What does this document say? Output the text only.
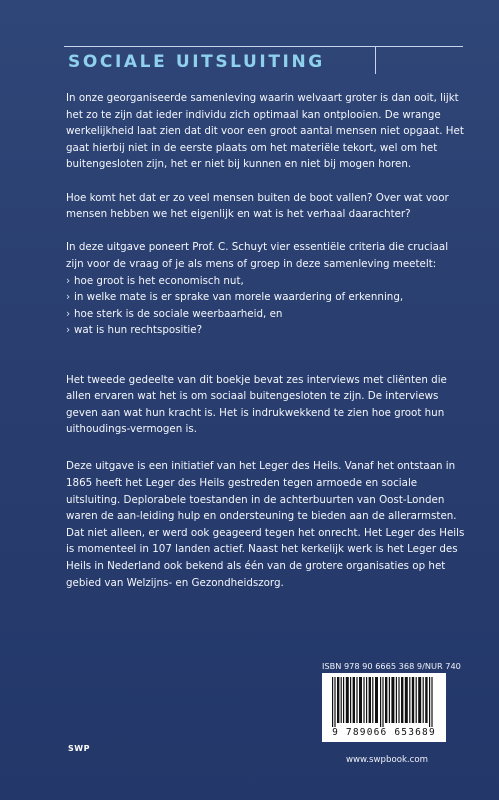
SOCIALE UITSLUITING

In onze georganiseerde samenleving waarin welvaart groter is dan ooit, lijkt het zo te zijn dat ieder individu zich optimaal kan ontplooien. De wrange werkelijkheid laat zien dat dit voor een groot aantal mensen niet opgaat. Het gaat hierbij niet in de eerste plaats om het materiële tekort, wel om het buitengesloten zijn, het er niet bij kunnen en niet bij mogen horen.

Hoe komt het dat er zo veel mensen buiten de boot vallen? Over wat voor mensen hebben we het eigenlijk en wat is het verhaal daarachter?

In deze uitgave poneert Prof. C. Schuyt vier essentiële criteria die cruciaal zijn voor de vraag of je als mens of groep in deze samenleving meetelt:
› hoe groot is het economisch nut,
› in welke mate is er sprake van morele waardering of erkenning,
› hoe sterk is de sociale weerbaarheid, en
› wat is hun rechtspositie?

Het tweede gedeelte van dit boekje bevat zes interviews met cliënten die allen ervaren wat het is om sociaal buitengesloten te zijn. De interviews geven aan wat hun kracht is. Het is indrukwekkend te zien hoe groot hun uithoudings-vermogen is.

Deze uitgave is een initiatief van het Leger des Heils. Vanaf het ontstaan in 1865 heeft het Leger des Heils gestreden tegen armoede en sociale uitsluiting. Deplorabele toestanden in de achterbuurten van Oost-Londen waren de aan-leiding hulp en ondersteuning te bieden aan de allerarmsten. Dat niet alleen, er werd ook geageerd tegen het onrecht. Het Leger des Heils is momenteel in 107 landen actief. Naast het kerkelijk werk is het Leger des Heils in Nederland ook bekend als één van de grotere organisaties op het gebied van Welzijns- en Gezondheidszorg.

ISBN 978 90 6665 368 9/NUR 740
9 789066 653689
SWP
www.swpbook.com
